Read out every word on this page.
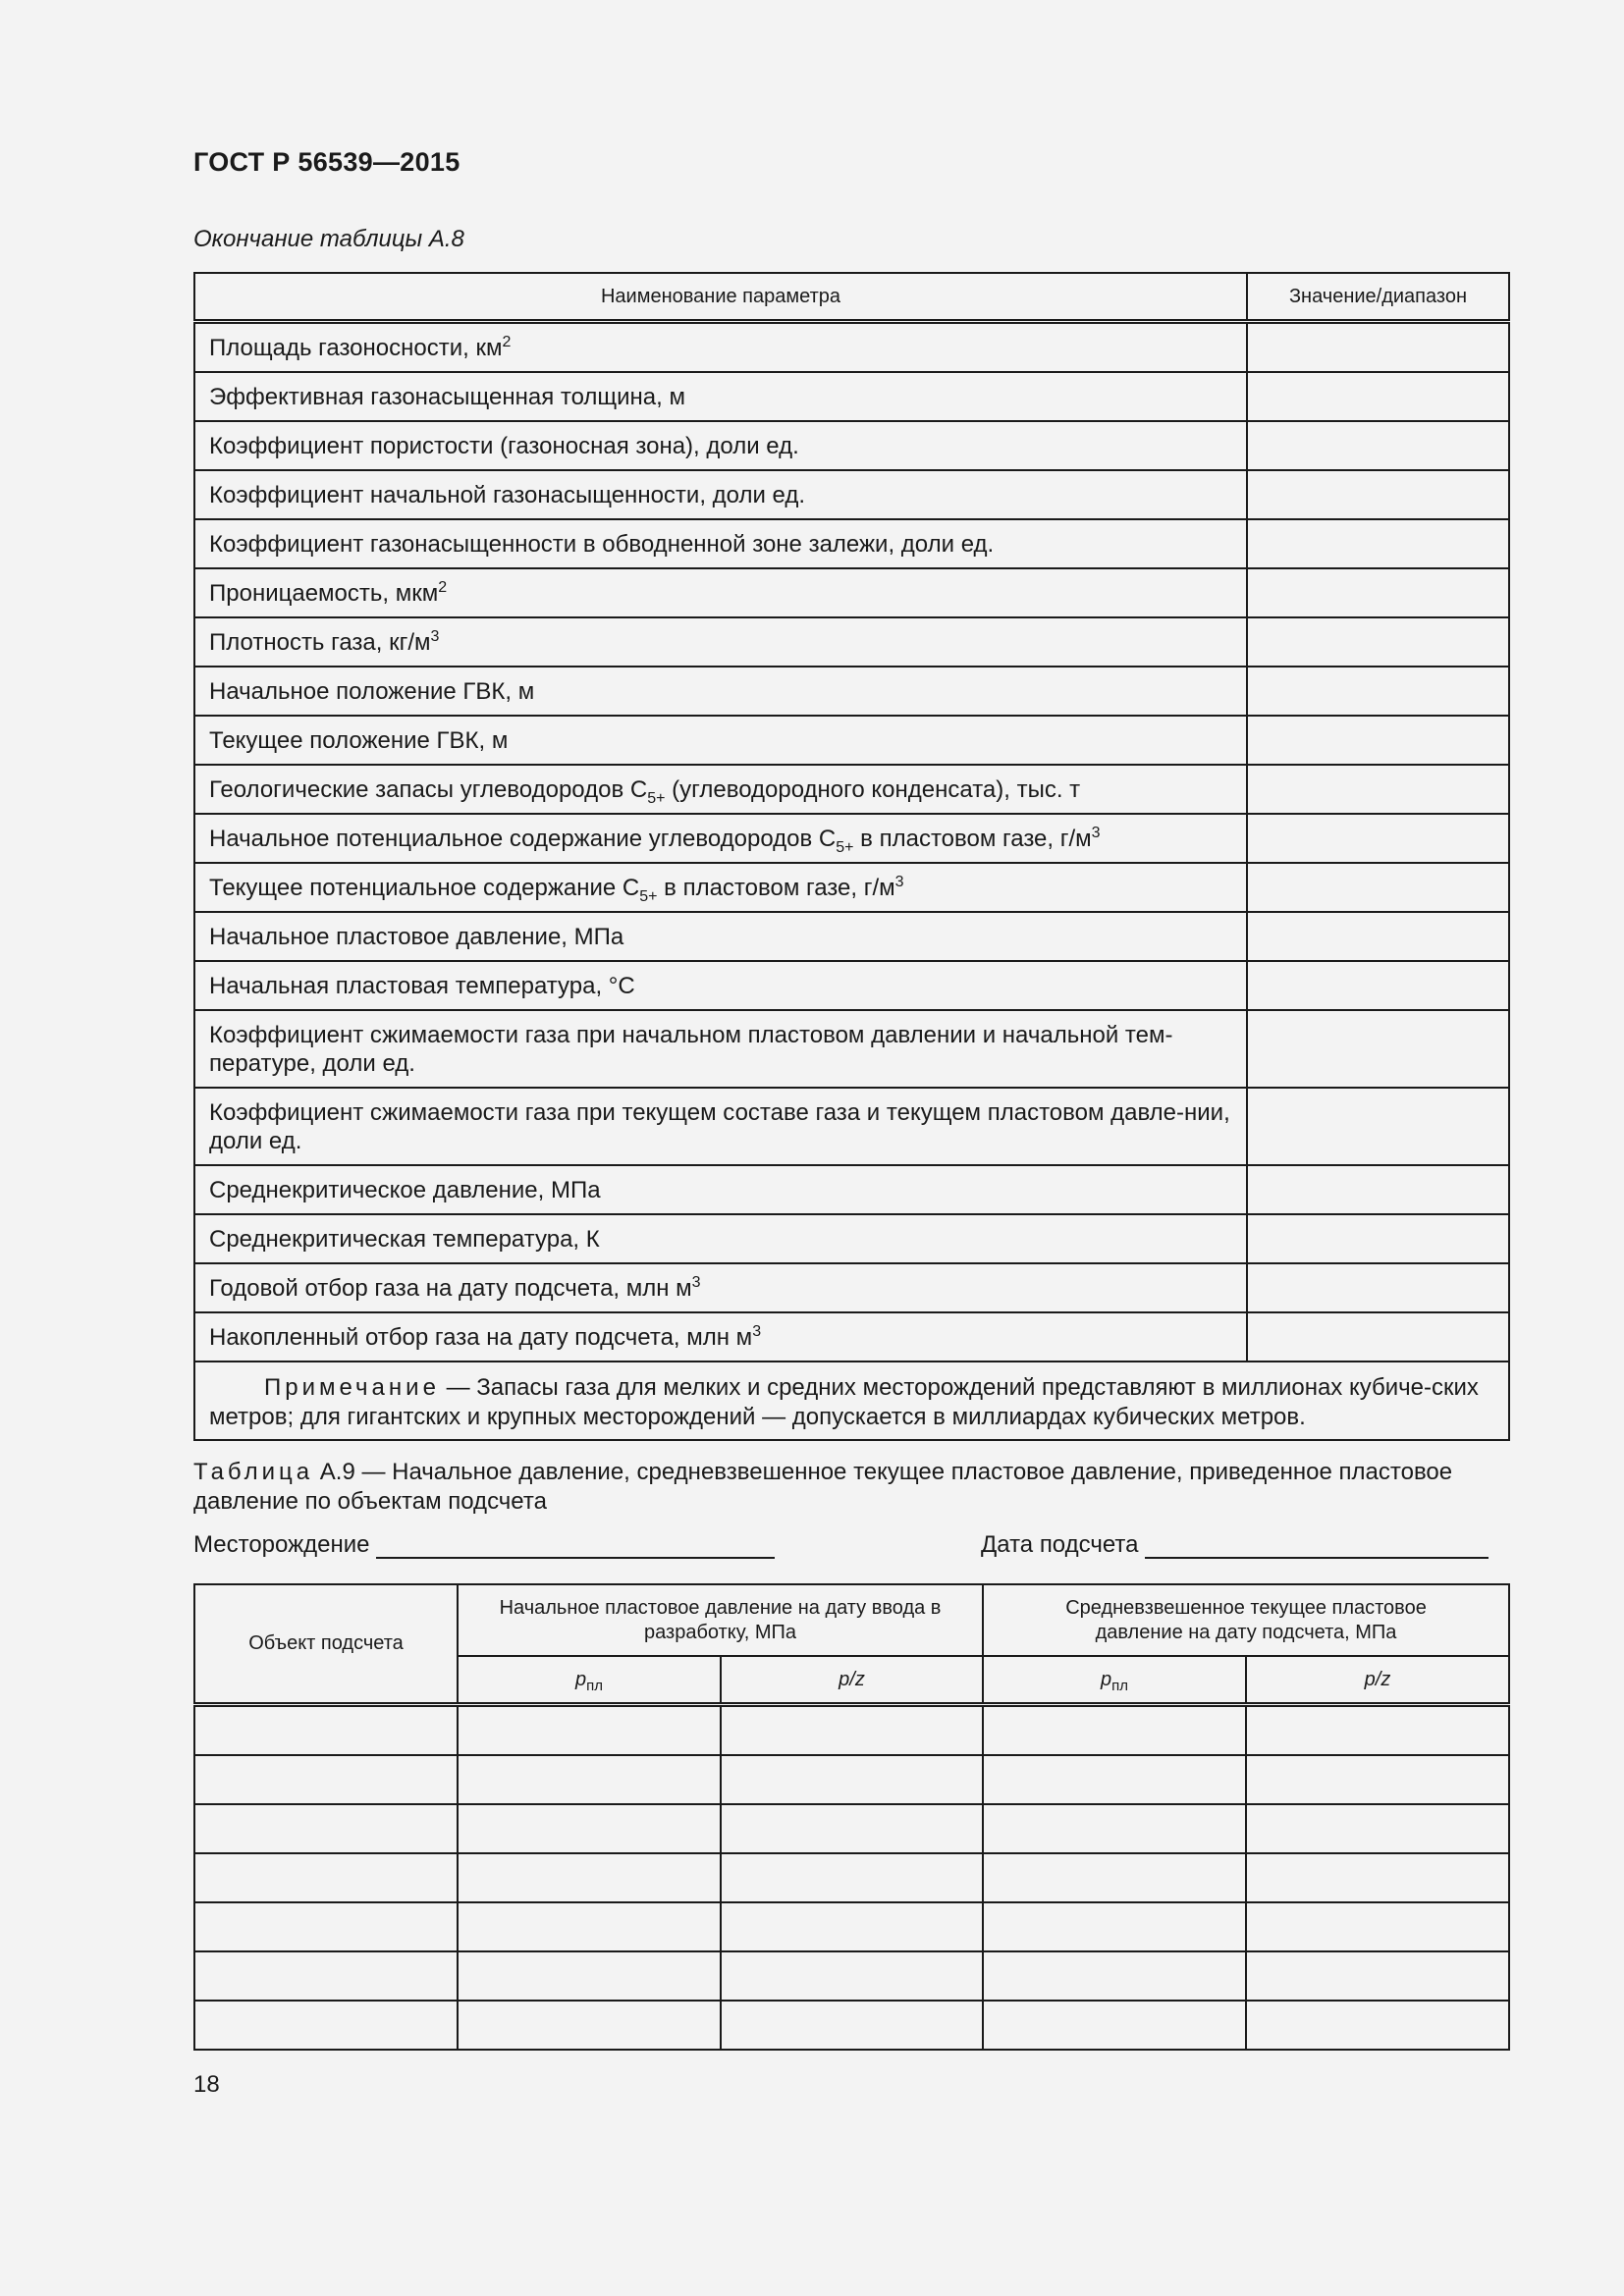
ГОСТ Р 56539—2015
Окончание таблицы А.8
Наименование параметра	Значение/диапазон
Площадь газоносности, $км^2$	
Эффективная газонасыщенная толщина, м	
Коэффициент пористости (газоносная зона), доли ед.	
Коэффициент начальной газонасыщенности, доли ед.	
Коэффициент газонасыщенности в обводненной зоне залежи, доли ед.	
Проницаемость, мкм$^2$	
Плотность газа, $кг/м^3$	
Начальное положение ГВК, м	
Текущее положение ГВК, м	
Геологические запасы углеводородов $С_{5+}$ (углеводородного конденсата), тыс. т	
Начальное потенциальное содержание углеводородов $С_{5+}$ в пластовом газе, $г/м^3$	
Текущее потенциальное содержание $С_{5+}$ в пластовом газе, $г/м^3$	
Начальное пластовое давление, МПа	
Начальная пластовая температура, °С	
Коэффициент сжимаемости газа при начальном пластовом давлении и начальной тем-пературе, доли ед.	
Коэффициент сжимаемости газа при текущем составе газа и текущем пластовом давле-нии, доли ед.	
Среднекритическое давление, МПа	
Среднекритическая температура, К	
Годовой отбор газа на дату подсчета, млн $м^3$	
Накопленный отбор газа на дату подсчета, млн $м^3$	
Примечание — Запасы газа для мелких и средних месторождений представляют в миллионах кубиче-ских метров; для гигантских и крупных месторождений — допускается в миллиардах кубических метров.	
Таблица А.9 — Начальное давление, средневзвешенное текущее пластовое давление, приведенное пластовое давление по объектам подсчета
Месторождение	Дата подсчета
Объект подсчета	Начальное пластовое давление на дату ввода в разработку, МПа		Средневзвешенное текущее пластовое давление на дату подсчета, МПа	
	$p_{пл}$	p/z	$p_{пл}$	p/z

18
